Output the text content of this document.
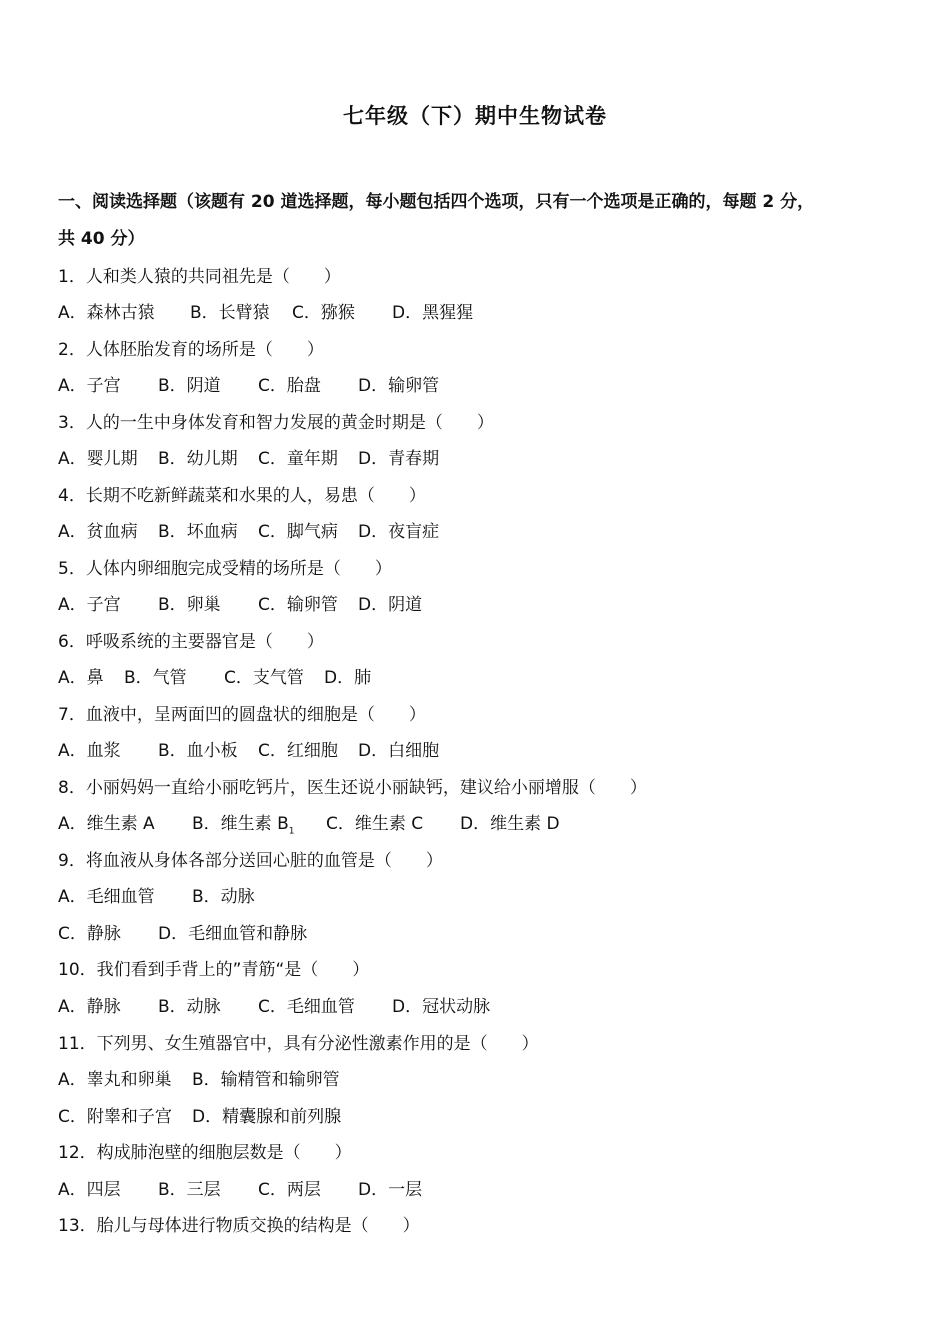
七年级（下）期中生物试卷
一、阅读选择题（该题有 20 道选择题，每小题包括四个选项，只有一个选项是正确的，每题 2 分，
共 40 分）
1．人和类人猿的共同祖先是（　　）
A．森林古猿 B．长臂猿 C．猕猴 D．黑猩猩
2．人体胚胎发育的场所是（　　）
A．子宫 B．阴道 C．胎盘 D．输卵管
3．人的一生中身体发育和智力发展的黄金时期是（　　）
A．婴儿期 B．幼儿期 C．童年期 D．青春期
4．长期不吃新鲜蔬菜和水果的人，易患（　　）
A．贫血病 B．坏血病 C．脚气病 D．夜盲症
5．人体内卵细胞完成受精的场所是（　　）
A．子宫 B．卵巢 C．输卵管 D．阴道
6．呼吸系统的主要器官是（　　）
A．鼻 B．气管 C．支气管 D．肺
7．血液中，呈两面凹的圆盘状的细胞是（　　）
A．血浆 B．血小板 C．红细胞 D．白细胞
8．小丽妈妈一直给小丽吃钙片，医生还说小丽缺钙，建议给小丽增服（　　）
A．维生素 A B．维生素 $B_1$ C．维生素 C D．维生素 D
9．将血液从身体各部分送回心脏的血管是（　　）
A．毛细血管 B．动脉
C．静脉 D．毛细血管和静脉
10．我们看到手背上的”青筋“是（　　）
A．静脉 B．动脉 C．毛细血管 D．冠状动脉
11．下列男、女生殖器官中，具有分泌性激素作用的是（　　）
A．睾丸和卵巢 B．输精管和输卵管
C．附睾和子宫 D．精囊腺和前列腺
12．构成肺泡壁的细胞层数是（　　）
A．四层 B．三层 C．两层 D．一层
13．胎儿与母体进行物质交换的结构是（　　）
